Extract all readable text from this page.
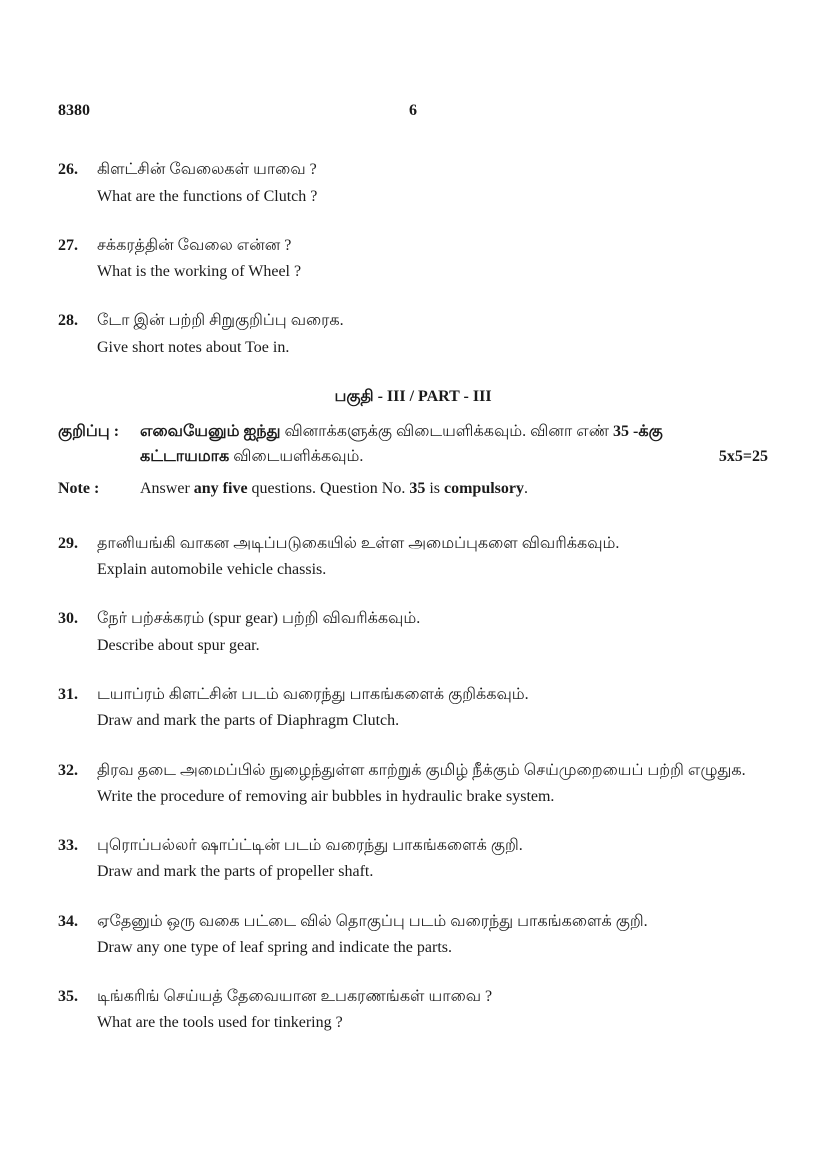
8380	6
26.	கிளட்சின் வேலைகள் யாவை ?
What are the functions of Clutch ?
27.	சக்கரத்தின் வேலை என்ன ?
What is the working of Wheel ?
28.	டோ இன் பற்றி சிறுகுறிப்பு வரைக.
Give short notes about Toe in.
பகுதி - III / PART - III
குறிப்பு :	எவையேனும் ஐந்து வினாக்களுக்கு விடையளிக்கவும். வினா எண் 35 -க்கு
கட்டாயமாக விடையளிக்கவும்.	5x5=25
Note :	Answer any five questions. Question No. 35 is compulsory.
29.	தானியங்கி வாகன அடிப்படுகையில் உள்ள அமைப்புகளை விவரிக்கவும்.
Explain automobile vehicle chassis.
30.	நேர் பற்சக்கரம் (spur gear) பற்றி விவரிக்கவும்.
Describe about spur gear.
31.	டயாப்ரம் கிளட்சின் படம் வரைந்து பாகங்களைக் குறிக்கவும்.
Draw and mark the parts of Diaphragm Clutch.
32.	திரவ தடை அமைப்பில் நுழைந்துள்ள காற்றுக் குமிழ் நீக்கும் செய்முறையைப் பற்றி எழுதுக.
Write the procedure of removing air bubbles in hydraulic brake system.
33.	புரொப்பல்லர் ஷாப்ட்டின் படம் வரைந்து பாகங்களைக் குறி.
Draw and mark the parts of propeller shaft.
34.	ஏதேனும் ஒரு வகை பட்டை வில் தொகுப்பு படம் வரைந்து பாகங்களைக் குறி.
Draw any one type of leaf spring and indicate the parts.
35.	டிங்கரிங் செய்யத் தேவையான உபகரணங்கள் யாவை ?
What are the tools used for tinkering ?
